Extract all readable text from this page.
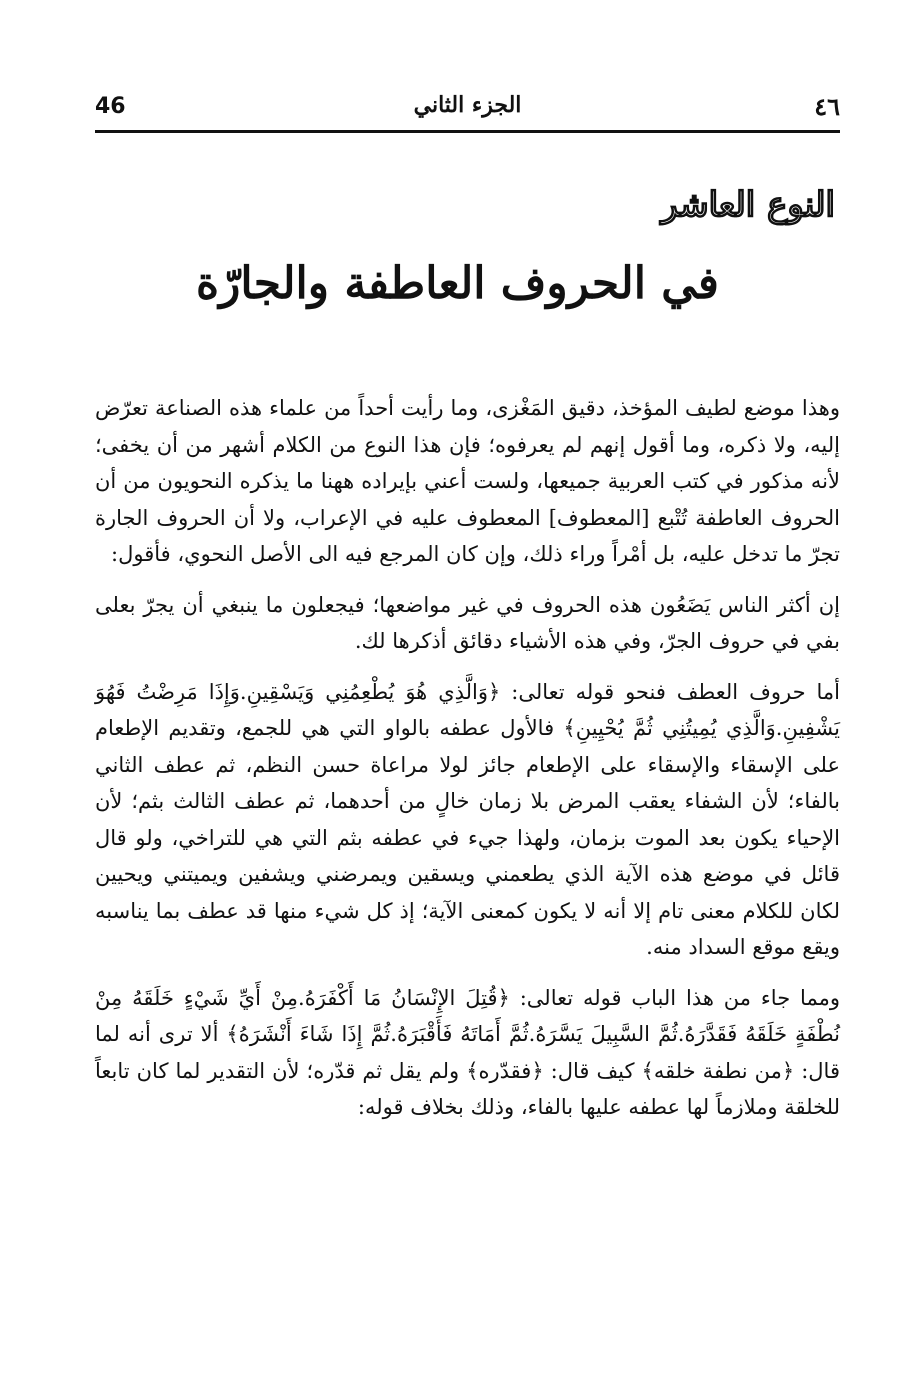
46	الجزء الثاني	٤٦
النوع العاشر
في الحروف العاطفة والجارّة

وهذا موضع لطيف المؤخذ، دقيق المَغْزى، وما رأيت أحداً من علماء هذه الصناعة تعرّض إليه، ولا ذكره، وما أقول إنهم لم يعرفوه؛ فإن هذا النوع من الكلام أشهر من أن يخفى؛ لأنه مذكور في كتب العربية جميعها، ولست أعني بإيراده ههنا ما يذكره النحويون من أن الحروف العاطفة تُتْبع [المعطوف] المعطوف عليه في الإعراب، ولا أن الحروف الجارة تجرّ ما تدخل عليه، بل أمْراً وراء ذلك، وإن كان المرجع فيه الى الأصل النحوي، فأقول:

إن أكثر الناس يَضَعُون هذه الحروف في غير مواضعها؛ فيجعلون ما ينبغي أن يجرّ بعلى بفي في حروف الجرّ، وفي هذه الأشياء دقائق أذكرها لك.

أما حروف العطف فنحو قوله تعالى: ﴿وَالَّذِي هُوَ يُطْعِمُنِي وَيَسْقِينِ.وَإِذَا مَرِضْتُ فَهُوَ يَشْفِينِ.وَالَّذِي يُمِيتُنِي ثُمَّ يُحْيِينِ﴾ فالأول عطفه بالواو التي هي للجمع، وتقديم الإطعام على الإسقاء والإسقاء على الإطعام جائز لولا مراعاة حسن النظم، ثم عطف الثاني بالفاء؛ لأن الشفاء يعقب المرض بلا زمان خالٍ من أحدهما، ثم عطف الثالث بثم؛ لأن الإحياء يكون بعد الموت بزمان، ولهذا جيء في عطفه بثم التي هي للتراخي، ولو قال قائل في موضع هذه الآية الذي يطعمني ويسقين ويمرضني ويشفين ويميتني ويحيين لكان للكلام معنى تام إلا أنه لا يكون كمعنى الآية؛ إذ كل شيء منها قد عطف بما يناسبه ويقع موقع السداد منه.

ومما جاء من هذا الباب قوله تعالى: ﴿قُتِلَ الإِنْسَانُ مَا أَكْفَرَهُ.مِنْ أَيِّ شَيْءٍ خَلَقَهُ مِنْ نُطْفَةٍ خَلَقَهُ فَقَدَّرَهُ.ثُمَّ السَّبِيلَ يَسَّرَهُ.ثُمَّ أَمَاتَهُ فَأَقْبَرَهُ.ثُمَّ إِذَا شَاءَ أَنْشَرَهُ﴾ ألا ترى أنه لما قال: ﴿من نطفة خلقه﴾ كيف قال: ﴿فقدّره﴾ ولم يقل ثم قدّره؛ لأن التقدير لما كان تابعاً للخلقة وملازماً لها عطفه عليها بالفاء، وذلك بخلاف قوله:
